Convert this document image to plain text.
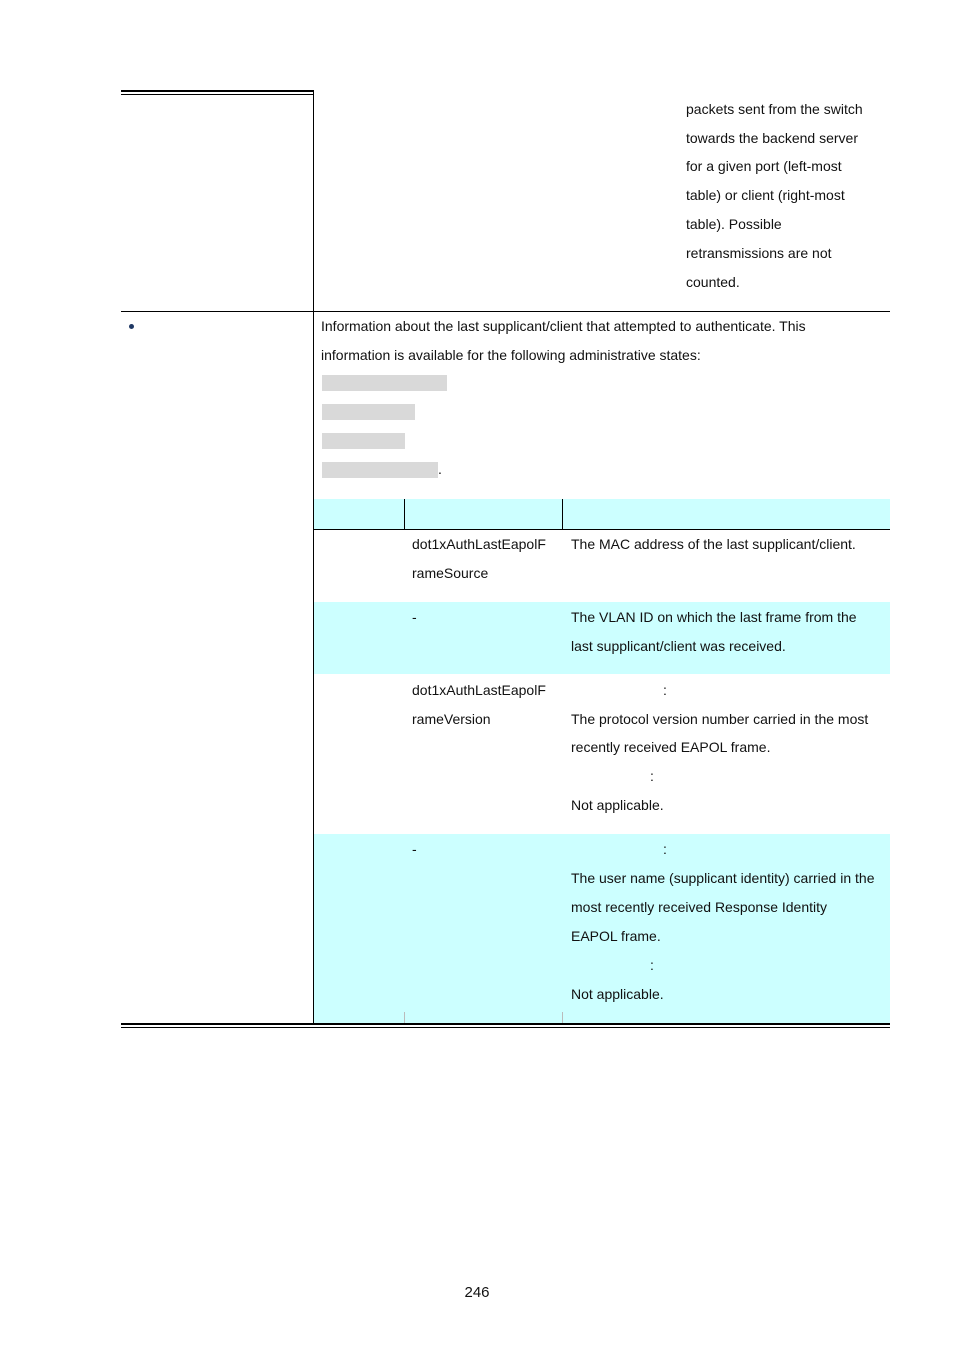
packets sent from the switch
towards the backend server
for a given port (left-most
table) or client (right-most
table). Possible
retransmissions are not
counted.
Information about the last supplicant/client that attempted to authenticate. This
information is available for the following administrative states:
.
dot1xAuthLastEapolF
rameSource
The MAC address of the last supplicant/client.
-	The VLAN ID on which the last frame from the
last supplicant/client was received.
dot1xAuthLastEapolF
rameVersion
:
The protocol version number carried in the most
recently received EAPOL frame.
:
Not applicable.
-	:
The user name (supplicant identity) carried in the
most recently received Response Identity
EAPOL frame.
:
Not applicable.
246
